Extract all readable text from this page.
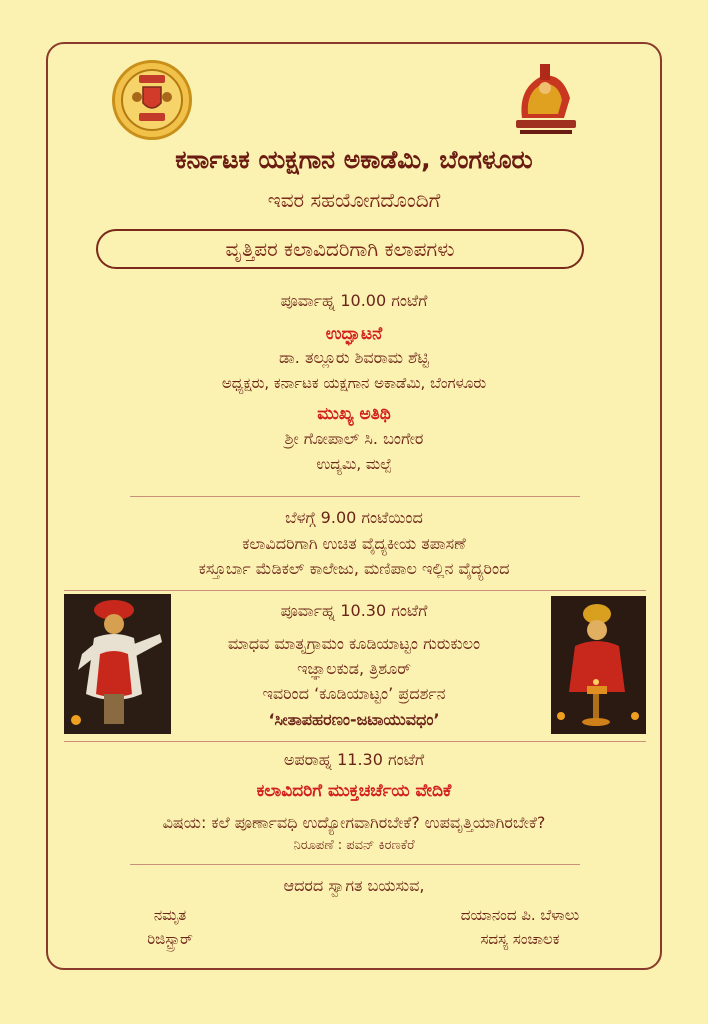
ಕರ್ನಾಟಕ ಯಕ್ಷಗಾನ ಅಕಾಡೆಮಿ, ಬೆಂಗಳೂರು
ಇವರ ಸಹಯೋಗದೊಂದಿಗೆ
ವೃತ್ತಿಪರ ಕಲಾವಿದರಿಗಾಗಿ ಕಲಾಪಗಳು
ಪೂರ್ವಾಹ್ನ 10.00 ಗಂಟೆಗೆ
ಉದ್ಘಾಟನೆ
ಡಾ. ತಲ್ಲೂರು ಶಿವರಾಮ ಶೆಟ್ಟಿ
ಅಧ್ಯಕ್ಷರು, ಕರ್ನಾಟಕ ಯಕ್ಷಗಾನ ಅಕಾಡೆಮಿ, ಬೆಂಗಳೂರು
ಮುಖ್ಯ ಅತಿಥಿ
ಶ್ರೀ ಗೋಪಾಲ್ ಸಿ. ಬಂಗೇರ
ಉದ್ಯಮಿ, ಮಲ್ಪೆ
ಬೆಳಗ್ಗೆ 9.00 ಗಂಟೆಯಿಂದ
ಕಲಾವಿದರಿಗಾಗಿ ಉಚಿತ ವೈದ್ಯಕೀಯ ತಪಾಸಣೆ
ಕಸ್ತೂರ್ಬಾ ಮೆಡಿಕಲ್ ಕಾಲೇಜು, ಮಣಿಪಾಲ ಇಲ್ಲಿನ ವೈದ್ಯರಿಂದ
ಪೂರ್ವಾಹ್ನ 10.30 ಗಂಟೆಗೆ
ಮಾಧವ ಮಾತೃಗ್ರಾಮಂ ಕೂಡಿಯಾಟ್ಟಂ ಗುರುಕುಲಂ
ಇಜ್ಞಾಲಕುಡ, ತ್ರಿಶೂರ್
ಇವರಿಂದ ‘ಕೂಡಿಯಾಟ್ಟಂ’ ಪ್ರದರ್ಶನ
‘ಸೀತಾಪಹರಣಂ-ಜಟಾಯುವಧಂ’
ಅಪರಾಹ್ನ 11.30 ಗಂಟೆಗೆ
ಕಲಾವಿದರಿಗೆ ಮುಕ್ತಚರ್ಚೆಯ ವೇದಿಕೆ
ವಿಷಯ: ಕಲೆ ಪೂರ್ಣಾವಧಿ ಉದ್ಯೋಗವಾಗಿರಬೇಕೆ? ಉಪವೃತ್ತಿಯಾಗಿರಬೇಕೆ?
ನಿರೂಪಣೆ : ಪವನ್ ಕಿರಣಕೆರೆ
ಆದರದ ಸ್ವಾಗತ ಬಯಸುವ,
ನಮೃತ
ರಿಜಿಸ್ಟ್ರಾರ್
ದಯಾನಂದ ಪಿ. ಬೆಳಾಲು
ಸದಸ್ಯ ಸಂಚಾಲಕ
